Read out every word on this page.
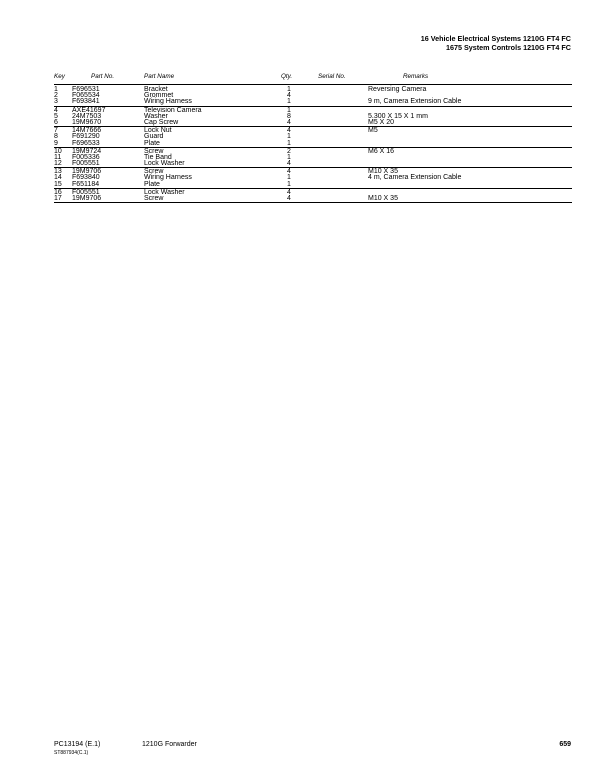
16 Vehicle Electrical Systems 1210G FT4 FC
1675 System Controls 1210G FT4 FC
Key	Part No.	Part Name	Qty.	Serial No.	Remarks
1 F696531	Bracket	1	Reversing Camera
2 F065534	Grommet	4
3 F693841	Wiring Harness	1	9 m, Camera Extension Cable
4 AXE41697	Television Camera	1
5 24M7503	Washer	8	5.300 X 15 X 1 mm
6 19M9670	Cap Screw	4	M5 X 20
7 14M7666	Lock Nut	4	M5
8 F691290	Guard	1
9 F696533	Plate	1
10 19M9724	Screw	2	M6 X 16
11 F005336	Tie Band	1
12 F005551	Lock Washer	4
13 19M9706	Screw	4	M10 X 35
14 F693840	Wiring Harness	1	4 m, Camera Extension Cable
15 F651184	Plate	1
16 F005551	Lock Washer	4
17 19M9706	Screw	4	M10 X 35
PC13194 (E.1)	1210G Forwarder	659
ST887934(C.1)
